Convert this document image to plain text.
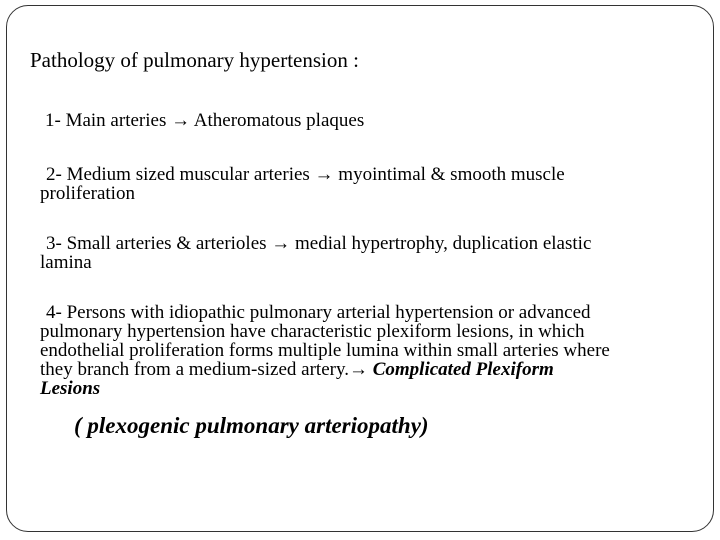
Pathology of pulmonary hypertension :
1- Main arteries → Atheromatous plaques
2- Medium sized muscular arteries → myointimal & smooth muscle
proliferation
3- Small arteries & arterioles → medial hypertrophy, duplication elastic
lamina
4- Persons with idiopathic pulmonary arterial hypertension or advanced
pulmonary hypertension have characteristic plexiform lesions, in which
endothelial proliferation forms multiple lumina within small arteries where
they branch from a medium-sized artery.→ Complicated Plexiform
Lesions
( plexogenic pulmonary arteriopathy)
